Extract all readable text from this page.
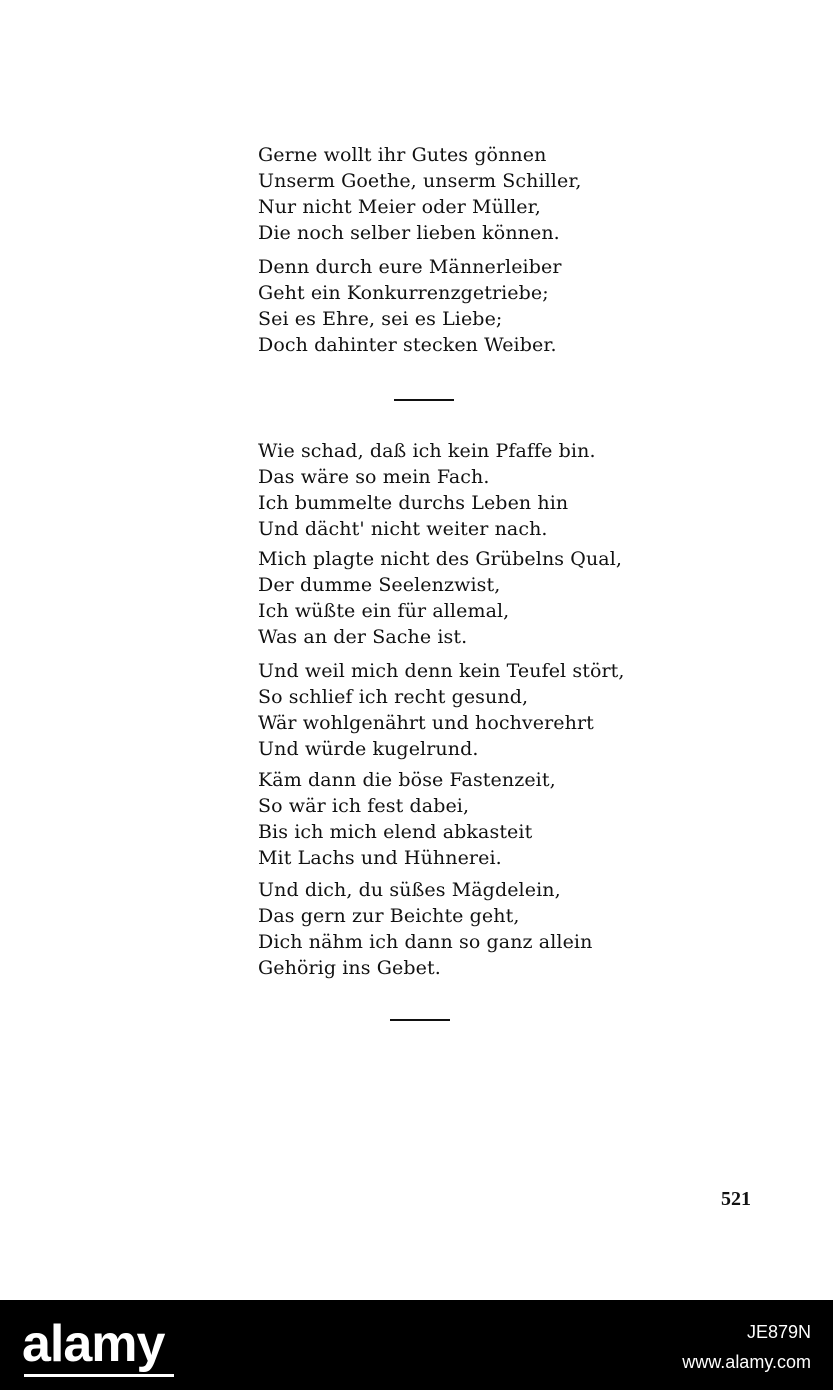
Gerne wollt ihr Gutes gönnen
Unserm Goethe, unserm Schiller,
Nur nicht Meier oder Müller,
Die noch selber lieben können.
Denn durch eure Männerleiber
Geht ein Konkurrenzgetriebe;
Sei es Ehre, sei es Liebe;
Doch dahinter stecken Weiber.
Wie schad, daß ich kein Pfaffe bin.
Das wäre so mein Fach.
Ich bummelte durchs Leben hin
Und dächt' nicht weiter nach.
Mich plagte nicht des Grübelns Qual,
Der dumme Seelenzwist,
Ich wüßte ein für allemal,
Was an der Sache ist.
Und weil mich denn kein Teufel stört,
So schlief ich recht gesund,
Wär wohlgenährt und hochverehrt
Und würde kugelrund.
Käm dann die böse Fastenzeit,
So wär ich fest dabei,
Bis ich mich elend abkasteit
Mit Lachs und Hühnerei.
Und dich, du süßes Mägdelein,
Das gern zur Beichte geht,
Dich nähm ich dann so ganz allein
Gehörig ins Gebet.
521
alamy	JE879N
www.alamy.com
